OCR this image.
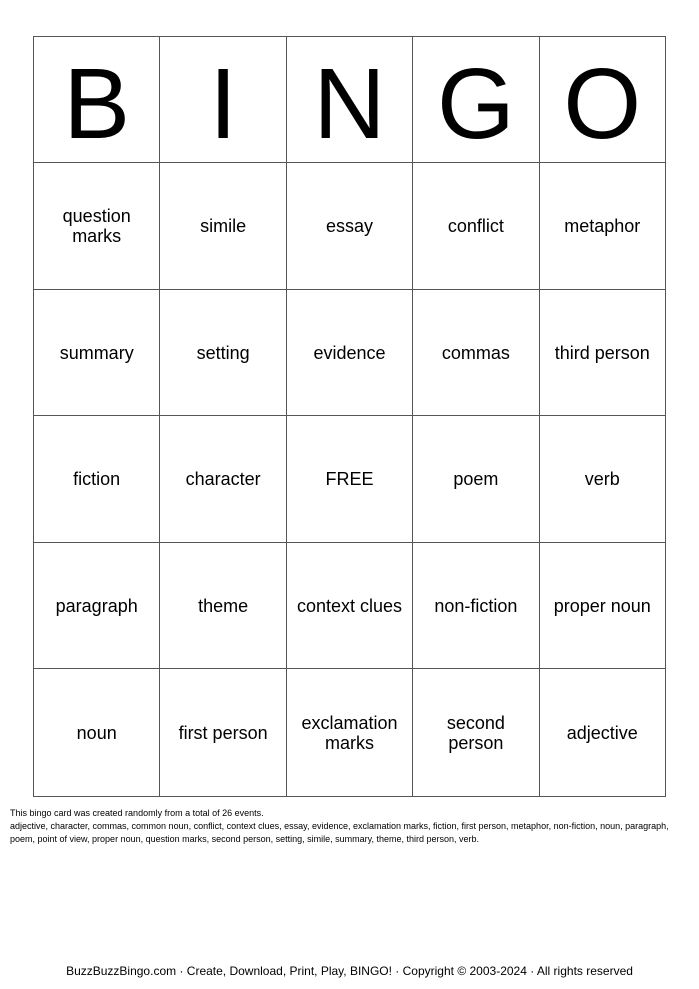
B	I	N	G	O
question marks	simile	essay	conflict	metaphor
summary	setting	evidence	commas	third person
fiction	character	FREE	poem	verb
paragraph	theme	context clues	non-fiction	proper noun
noun	first person	exclamation marks	second person	adjective

This bingo card was created randomly from a total of 26 events.

adjective, character, commas, common noun, conflict, context clues, essay, evidence, exclamation marks, fiction, first person, metaphor, non-fiction, noun, paragraph, poem, point of view, proper noun, question marks, second person, setting, simile, summary, theme, third person, verb.

BuzzBuzzBingo.com · Create, Download, Print, Play, BINGO! · Copyright © 2003-2024 · All rights reserved
